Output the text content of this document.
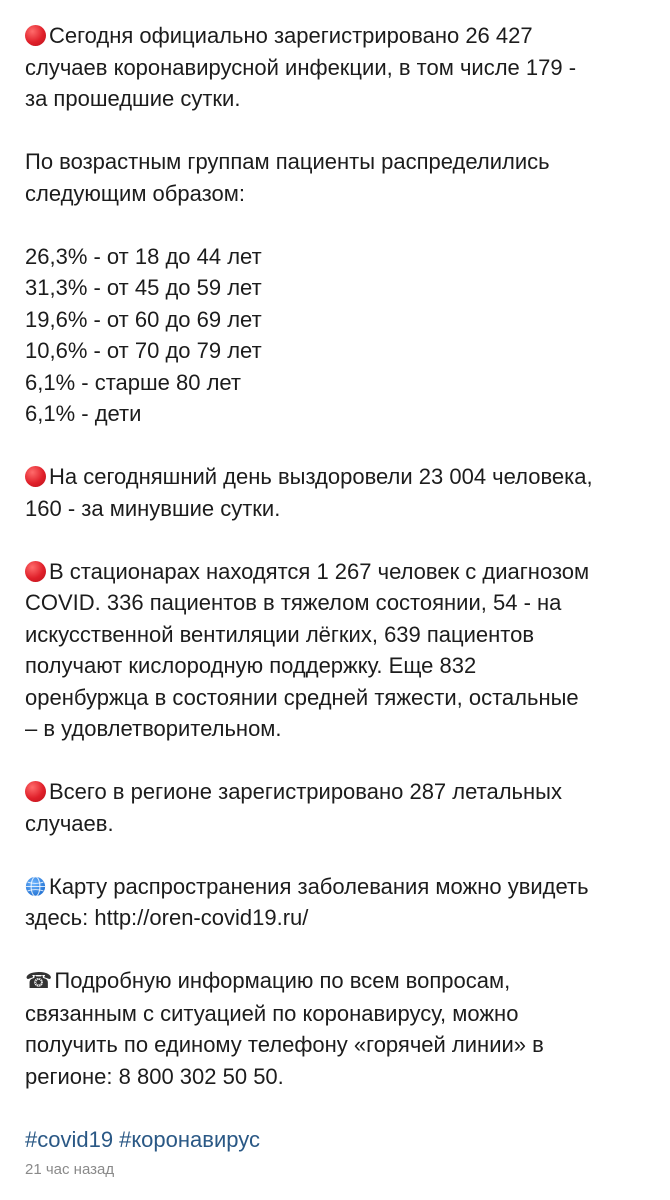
Сегодня официально зарегистрировано 26 427
случаев коронавирусной инфекции, в том числе 179 -
за прошедшие сутки.
По возрастным группам пациенты распределились
следующим образом:
26,3% - от 18 до 44 лет
31,3% - от 45 до 59 лет
19,6% - от 60 до 69 лет
10,6% - от 70 до 79 лет
6,1% - старше 80 лет
6,1% - дети
На сегодняшний день выздоровели 23 004 человека,
160 - за минувшие сутки.
В стационарах находятся 1 267 человек с диагнозом
COVID. 336 пациентов в тяжелом состоянии, 54 - на
искусственной вентиляции лёгких, 639 пациентов
получают кислородную поддержку. Еще 832
оренбуржца в состоянии средней тяжести, остальные
– в удовлетворительном.
Всего в регионе зарегистрировано 287 летальных
случаев.
Карту распространения заболевания можно увидеть
здесь: http://oren-covid19.ru/
☎Подробную информацию по всем вопросам,
связанным с ситуацией по коронавирусу, можно
получить по единому телефону «горячей линии» в
регионе: 8 800 302 50 50.
#covid19 #коронавирус
21 час назад
